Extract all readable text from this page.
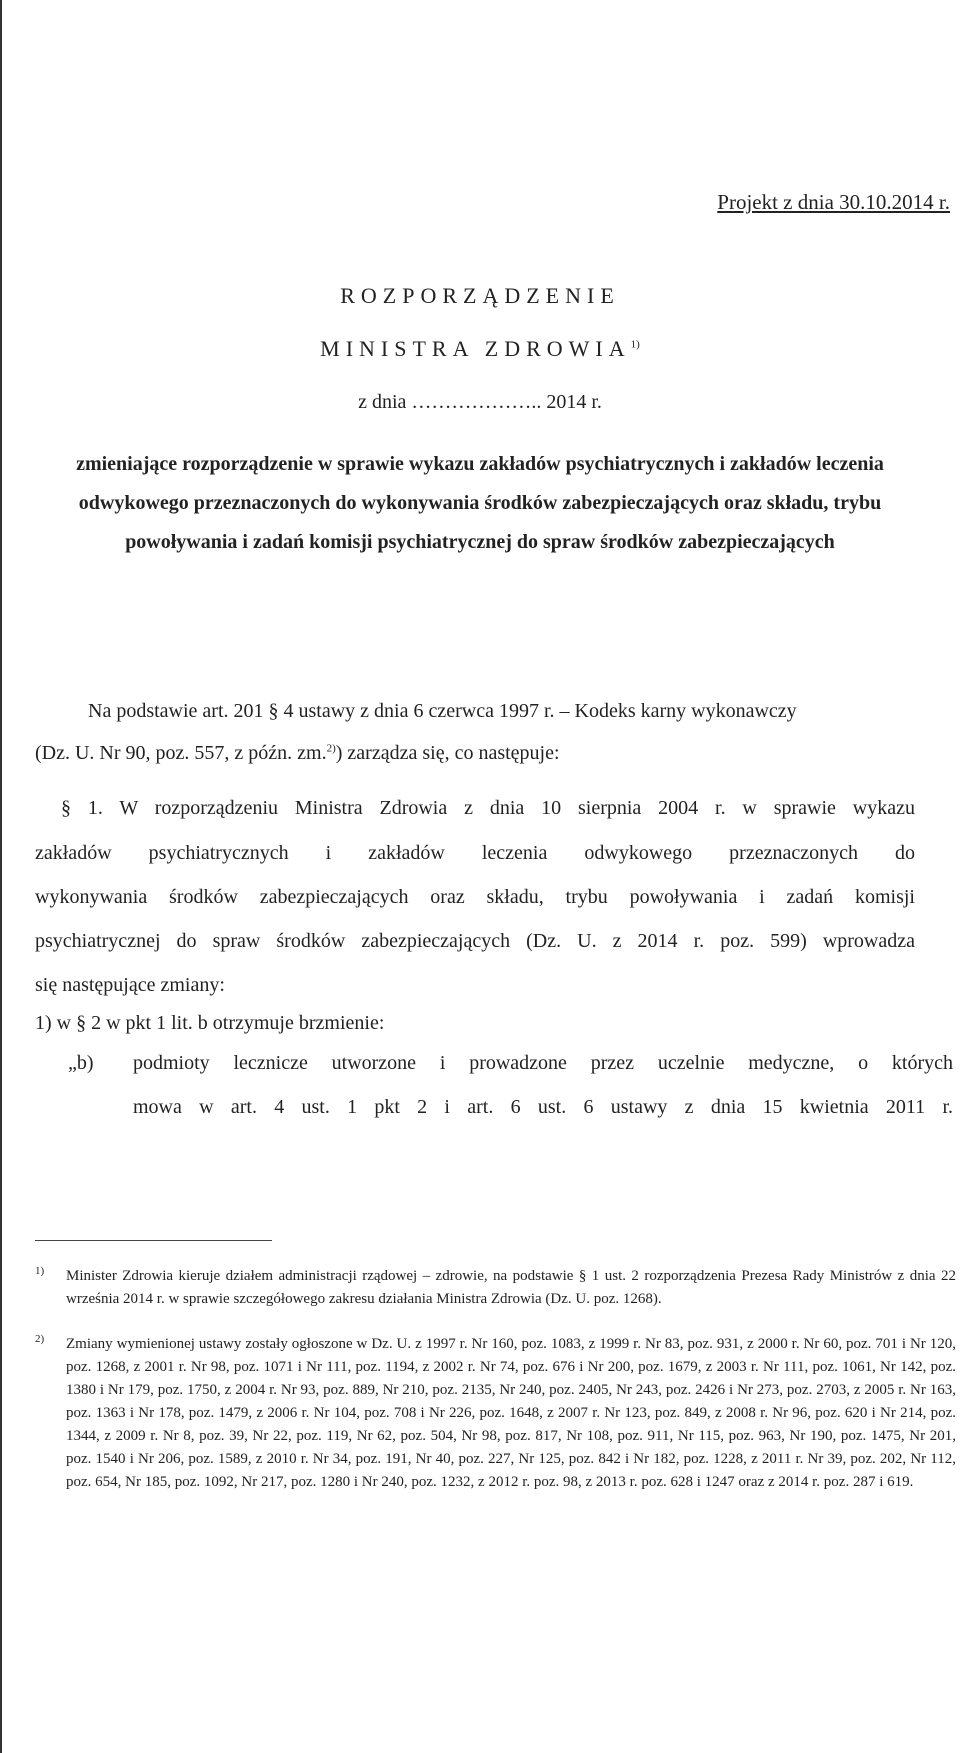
Projekt z dnia 30.10.2014 r.

ROZPORZĄDZENIE

MINISTRA ZDROWIA$^{1)}$

z dnia ……………….. 2014 r.

zmieniające rozporządzenie w sprawie wykazu zakładów psychiatrycznych i zakładów leczenia odwykowego przeznaczonych do wykonywania środków zabezpieczających oraz składu, trybu powoływania i zadań komisji psychiatrycznej do spraw środków zabezpieczających

Na podstawie art. 201 § 4 ustawy z dnia 6 czerwca 1997 r. – Kodeks karny wykonawczy

(Dz. U. Nr 90, poz. 557, z późn. zm.$^{2)}$) zarządza się, co następuje:

§ 1. W rozporządzeniu Ministra Zdrowia z dnia 10 sierpnia 2004 r. w sprawie wykazu

zakładów psychiatrycznych i zakładów leczenia odwykowego przeznaczonych do

wykonywania środków zabezpieczających oraz składu, trybu powoływania i zadań komisji

psychiatrycznej do spraw środków zabezpieczających (Dz. U. z 2014 r. poz. 599) wprowadza

się następujące zmiany:

1) w § 2 w pkt 1 lit. b otrzymuje brzmienie:

„b) podmioty lecznicze utworzone i prowadzone przez uczelnie medyczne, o których

mowa w art. 4 ust. 1 pkt 2 i art. 6 ust. 6 ustawy z dnia 15 kwietnia 2011 r.

1) Minister Zdrowia kieruje działem administracji rządowej – zdrowie, na podstawie § 1 ust. 2 rozporządzenia Prezesa Rady Ministrów z dnia 22 września 2014 r. w sprawie szczegółowego zakresu działania Ministra Zdrowia (Dz. U. poz. 1268).

2) Zmiany wymienionej ustawy zostały ogłoszone w Dz. U. z 1997 r. Nr 160, poz. 1083, z 1999 r. Nr 83, poz. 931, z 2000 r. Nr 60, poz. 701 i Nr 120, poz. 1268, z 2001 r. Nr 98, poz. 1071 i Nr 111, poz. 1194, z 2002 r. Nr 74, poz. 676 i Nr 200, poz. 1679, z 2003 r. Nr 111, poz. 1061, Nr 142, poz. 1380 i Nr 179, poz. 1750, z 2004 r. Nr 93, poz. 889, Nr 210, poz. 2135, Nr 240, poz. 2405, Nr 243, poz. 2426 i Nr 273, poz. 2703, z 2005 r. Nr 163, poz. 1363 i Nr 178, poz. 1479, z 2006 r. Nr 104, poz. 708 i Nr 226, poz. 1648, z 2007 r. Nr 123, poz. 849, z 2008 r. Nr 96, poz. 620 i Nr 214, poz. 1344, z 2009 r. Nr 8, poz. 39, Nr 22, poz. 119, Nr 62, poz. 504, Nr 98, poz. 817, Nr 108, poz. 911, Nr 115, poz. 963, Nr 190, poz. 1475, Nr 201, poz. 1540 i Nr 206, poz. 1589, z 2010 r. Nr 34, poz. 191, Nr 40, poz. 227, Nr 125, poz. 842 i Nr 182, poz. 1228, z 2011 r. Nr 39, poz. 202, Nr 112, poz. 654, Nr 185, poz. 1092, Nr 217, poz. 1280 i Nr 240, poz. 1232, z 2012 r. poz. 98, z 2013 r. poz. 628 i 1247 oraz z 2014 r. poz. 287 i 619.
